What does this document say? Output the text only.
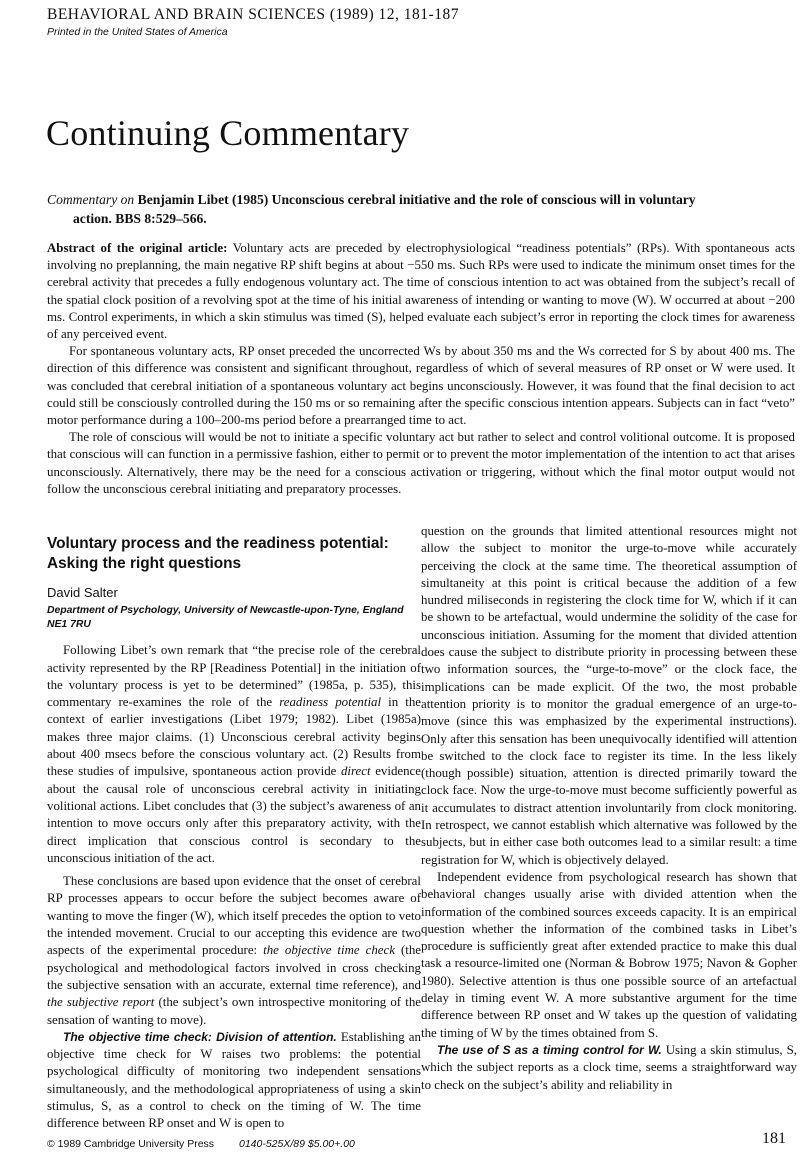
BEHAVIORAL AND BRAIN SCIENCES (1989) 12, 181-187
Printed in the United States of America
Continuing Commentary
Commentary on Benjamin Libet (1985) Unconscious cerebral initiative and the role of conscious will in voluntary
action. BBS 8:529–566.

Abstract of the original article: Voluntary acts are preceded by electrophysiological “readiness potentials” (RPs). With spontaneous acts involving no preplanning, the main negative RP shift begins at about −550 ms. Such RPs were used to indicate the minimum onset times for the cerebral activity that precedes a fully endogenous voluntary act. The time of conscious intention to act was obtained from the subject’s recall of the spatial clock position of a revolving spot at the time of his initial awareness of intending or wanting to move (W). W occurred at about −200 ms. Control experiments, in which a skin stimulus was timed (S), helped evaluate each subject’s error in reporting the clock times for awareness of any perceived event.

For spontaneous voluntary acts, RP onset preceded the uncorrected Ws by about 350 ms and the Ws corrected for S by about 400 ms. The direction of this difference was consistent and significant throughout, regardless of which of several measures of RP onset or W were used. It was concluded that cerebral initiation of a spontaneous voluntary act begins unconsciously. However, it was found that the final decision to act could still be consciously controlled during the 150 ms or so remaining after the specific conscious intention appears. Subjects can in fact “veto” motor performance during a 100–200-ms period before a prearranged time to act.

The role of conscious will would be not to initiate a specific voluntary act but rather to select and control volitional outcome. It is proposed that conscious will can function in a permissive fashion, either to permit or to prevent the motor implementation of the intention to act that arises unconsciously. Alternatively, there may be the need for a conscious activation or triggering, without which the final motor output would not follow the unconscious cerebral initiating and preparatory processes.

Voluntary process and the readiness potential: Asking the right questions
David Salter
Department of Psychology, University of Newcastle-upon-Tyne, England NE1 7RU

Following Libet’s own remark that “the precise role of the cerebral activity represented by the RP [Readiness Potential] in the initiation of the voluntary process is yet to be determined” (1985a, p. 535), this commentary re-examines the role of the readiness potential in the context of earlier investigations (Libet 1979; 1982). Libet (1985a) makes three major claims. (1) Unconscious cerebral activity begins about 400 msecs before the conscious voluntary act. (2) Results from these studies of impulsive, spontaneous action provide direct evidence about the causal role of unconscious cerebral activity in initiating volitional actions. Libet concludes that (3) the subject’s awareness of an intention to move occurs only after this preparatory activity, with the direct implication that conscious control is secondary to the unconscious initiation of the act.

These conclusions are based upon evidence that the onset of cerebral RP processes appears to occur before the subject becomes aware of wanting to move the finger (W), which itself precedes the option to veto the intended movement. Crucial to our accepting this evidence are two aspects of the experimental procedure: the objective time check (the psychological and methodological factors involved in cross checking the subjective sensation with an accurate, external time reference), and the subjective report (the subject’s own introspective monitoring of the sensation of wanting to move).

The objective time check: Division of attention. Establishing an objective time check for W raises two problems: the potential psychological difficulty of monitoring two independent sensations simultaneously, and the methodological appropriateness of using a skin stimulus, S, as a control to check on the timing of W. The time difference between RP onset and W is open to

question on the grounds that limited attentional resources might not allow the subject to monitor the urge-to-move while accurately perceiving the clock at the same time. The theoretical assumption of simultaneity at this point is critical because the addition of a few hundred miliseconds in registering the clock time for W, which if it can be shown to be artefactual, would undermine the solidity of the case for unconscious initiation. Assuming for the moment that divided attention does cause the subject to distribute priority in processing between these two information sources, the “urge-to-move” or the clock face, the implications can be made explicit. Of the two, the most probable attention priority is to monitor the gradual emergence of an urge-to-move (since this was emphasized by the experimental instructions). Only after this sensation has been unequivocally identified will attention be switched to the clock face to register its time. In the less likely (though possible) situation, attention is directed primarily toward the clock face. Now the urge-to-move must become sufficiently powerful as it accumulates to distract attention involuntarily from clock monitoring. In retrospect, we cannot establish which alternative was followed by the subjects, but in either case both outcomes lead to a similar result: a time registration for W, which is objectively delayed.

Independent evidence from psychological research has shown that behavioral changes usually arise with divided attention when the information of the combined sources exceeds capacity. It is an empirical question whether the information of the combined tasks in Libet’s procedure is sufficiently great after extended practice to make this dual task a resource-limited one (Norman & Bobrow 1975; Navon & Gopher 1980). Selective attention is thus one possible source of an artefactual delay in timing event W. A more substantive argument for the time difference between RP onset and W takes up the question of validating the timing of W by the times obtained from S.

The use of S as a timing control for W. Using a skin stimulus, S, which the subject reports as a clock time, seems a straightforward way to check on the subject’s ability and reliability in

© 1989 Cambridge University Press 0140-525X/89 $5.00+.00	181
